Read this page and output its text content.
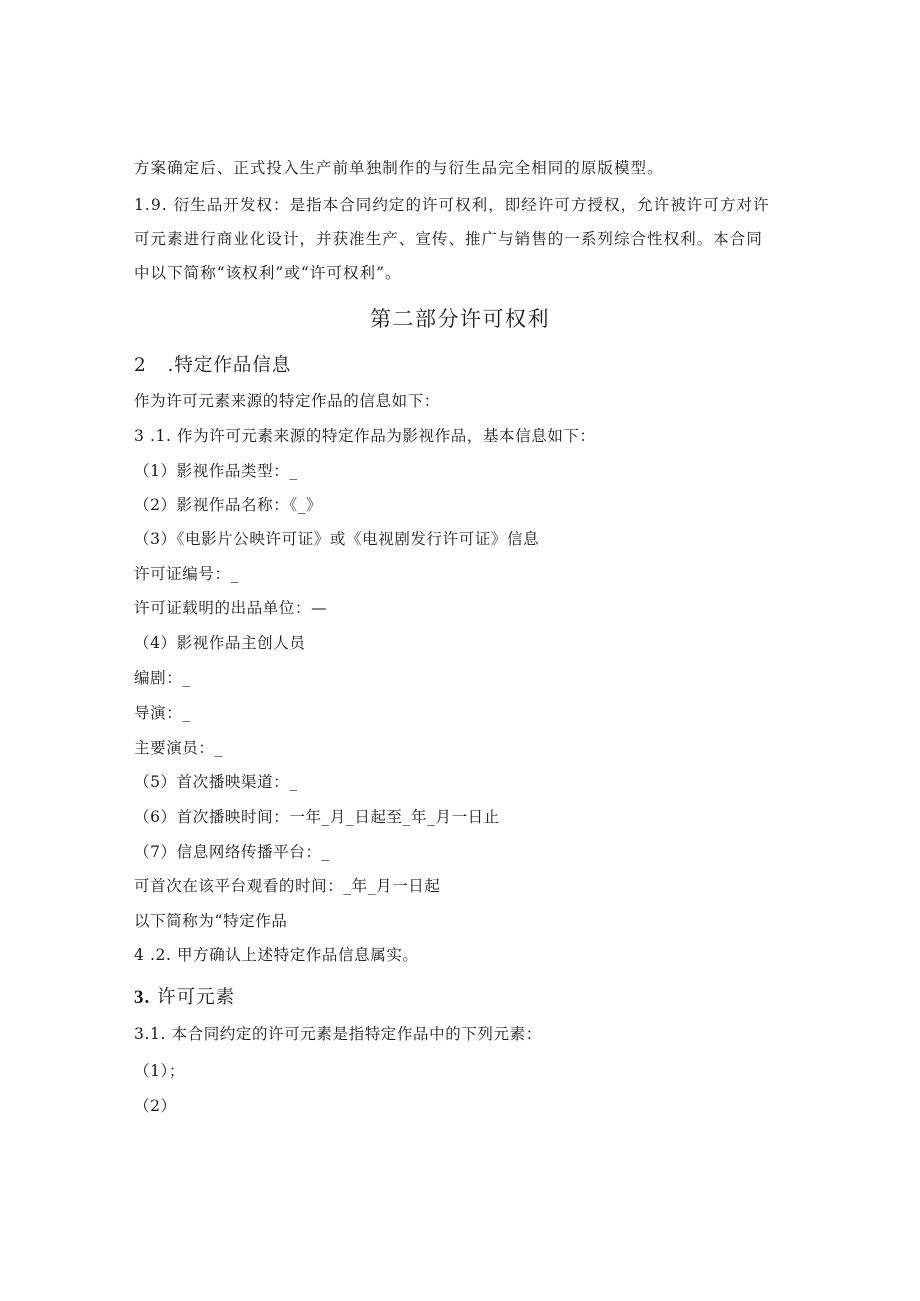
方案确定后、正式投入生产前单独制作的与衍生品完全相同的原版模型。
1.9. 衍生品开发权：是指本合同约定的许可权利，即经许可方授权，允许被许可方对许
可元素进行商业化设计，并获准生产、宣传、推广与销售的一系列综合性权利。本合同
中以下简称“该权利”或“许可权利”。
第二部分许可权利
2 .特定作品信息
作为许可元素来源的特定作品的信息如下：
3 .1. 作为许可元素来源的特定作品为影视作品，基本信息如下：
（1）影视作品类型：_
（2）影视作品名称：《_》
（3）《电影片公映许可证》或《电视剧发行许可证》信息
许可证编号：_
许可证载明的出品单位：—
（4）影视作品主创人员
编剧：_
导演：_
主要演员：_
（5）首次播映渠道：_
（6）首次播映时间：一年_月_日起至_年_月一日止
（7）信息网络传播平台：_
可首次在该平台观看的时间：_年_月一日起
以下简称为“特定作品
4 .2. 甲方确认上述特定作品信息属实。
3. 许可元素
3.1. 本合同约定的许可元素是指特定作品中的下列元素：
（1）；
（2）
